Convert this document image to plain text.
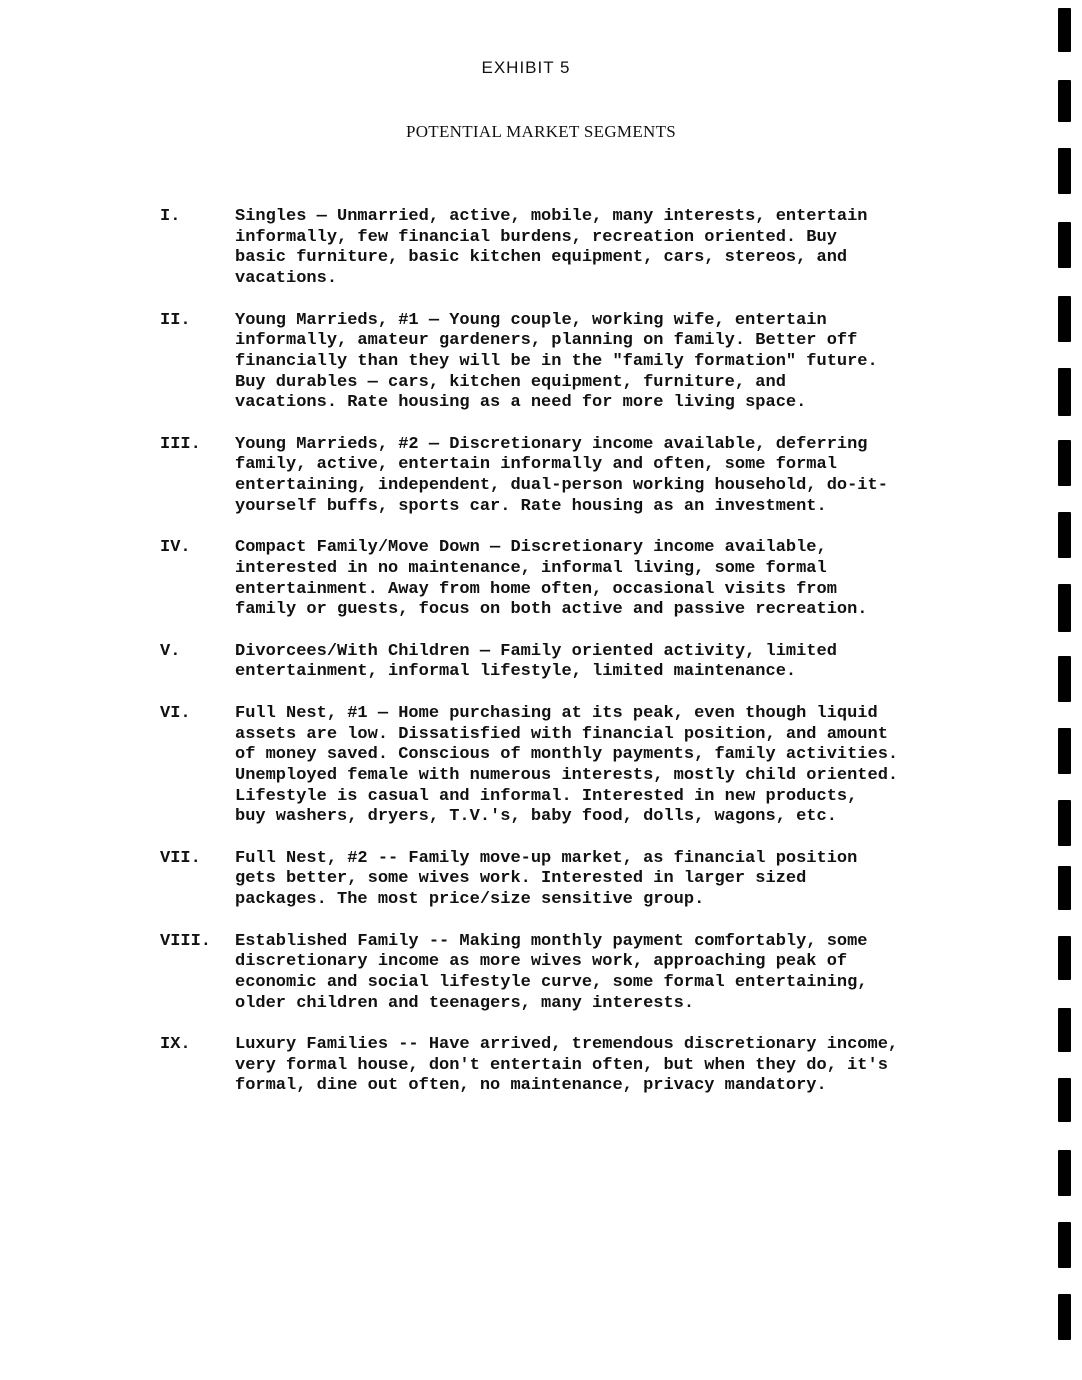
EXHIBIT 5
POTENTIAL MARKET SEGMENTS
I.	Singles — Unmarried, active, mobile, many interests, entertain
informally, few financial burdens, recreation oriented. Buy
basic furniture, basic kitchen equipment, cars, stereos, and
vacations.
II.	Young Marrieds, #1 — Young couple, working wife, entertain
informally, amateur gardeners, planning on family. Better off
financially than they will be in the "family formation" future.
Buy durables — cars, kitchen equipment, furniture, and
vacations. Rate housing as a need for more living space.
III.	Young Marrieds, #2 — Discretionary income available, deferring
family, active, entertain informally and often, some formal
entertaining, independent, dual-person working household, do-it-
yourself buffs, sports car. Rate housing as an investment.
IV.	Compact Family/Move Down — Discretionary income available,
interested in no maintenance, informal living, some formal
entertainment. Away from home often, occasional visits from
family or guests, focus on both active and passive recreation.
V.	Divorcees/With Children — Family oriented activity, limited
entertainment, informal lifestyle, limited maintenance.
VI.	Full Nest, #1 — Home purchasing at its peak, even though liquid
assets are low. Dissatisfied with financial position, and amount
of money saved. Conscious of monthly payments, family activities.
Unemployed female with numerous interests, mostly child oriented.
Lifestyle is casual and informal. Interested in new products,
buy washers, dryers, T.V.'s, baby food, dolls, wagons, etc.
VII.	Full Nest, #2 -- Family move-up market, as financial position
gets better, some wives work. Interested in larger sized
packages. The most price/size sensitive group.
VIII.	Established Family -- Making monthly payment comfortably, some
discretionary income as more wives work, approaching peak of
economic and social lifestyle curve, some formal entertaining,
older children and teenagers, many interests.
IX.	Luxury Families -- Have arrived, tremendous discretionary income,
very formal house, don't entertain often, but when they do, it's
formal, dine out often, no maintenance, privacy mandatory.
